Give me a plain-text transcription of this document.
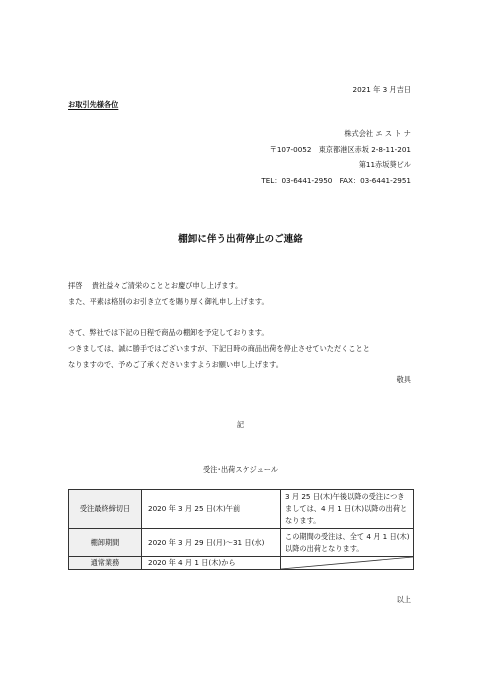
2021 年 3 月吉日
お取引先様各位
株式会社 エ ス ト ナ
〒107-0052　東京都港区赤坂 2-8-11-201
第11赤坂葵ビル
TEL：03-6441-2950　FAX：03-6441-2951
棚卸に伴う出荷停止のご連絡
拝啓　 貴社益々ご清栄のこととお慶び申し上げます。
また、平素は格別のお引き立てを賜り厚く御礼申し上げます。
さて、弊社では下記の日程で商品の棚卸を予定しております。
つきましては、誠に勝手ではございますが、下記日時の商品出荷を停止させていただくことと
なりますので、予めご了承くださいますようお願い申し上げます。
敬具
記
受注･出荷スケジュール
受注最終締切日	2020 年 3 月 25 日(木)午前	3 月 25 日(木)午後以降の受注につきましては、4 月 1 日(木)以降の出荷となります。
棚卸期間	2020 年 3 月 29 日(月)～31 日(水)	この期間の受注は、全て 4 月 1 日(木)以降の出荷となります。
通常業務	2020 年 4 月 1 日(木)から	
以上
